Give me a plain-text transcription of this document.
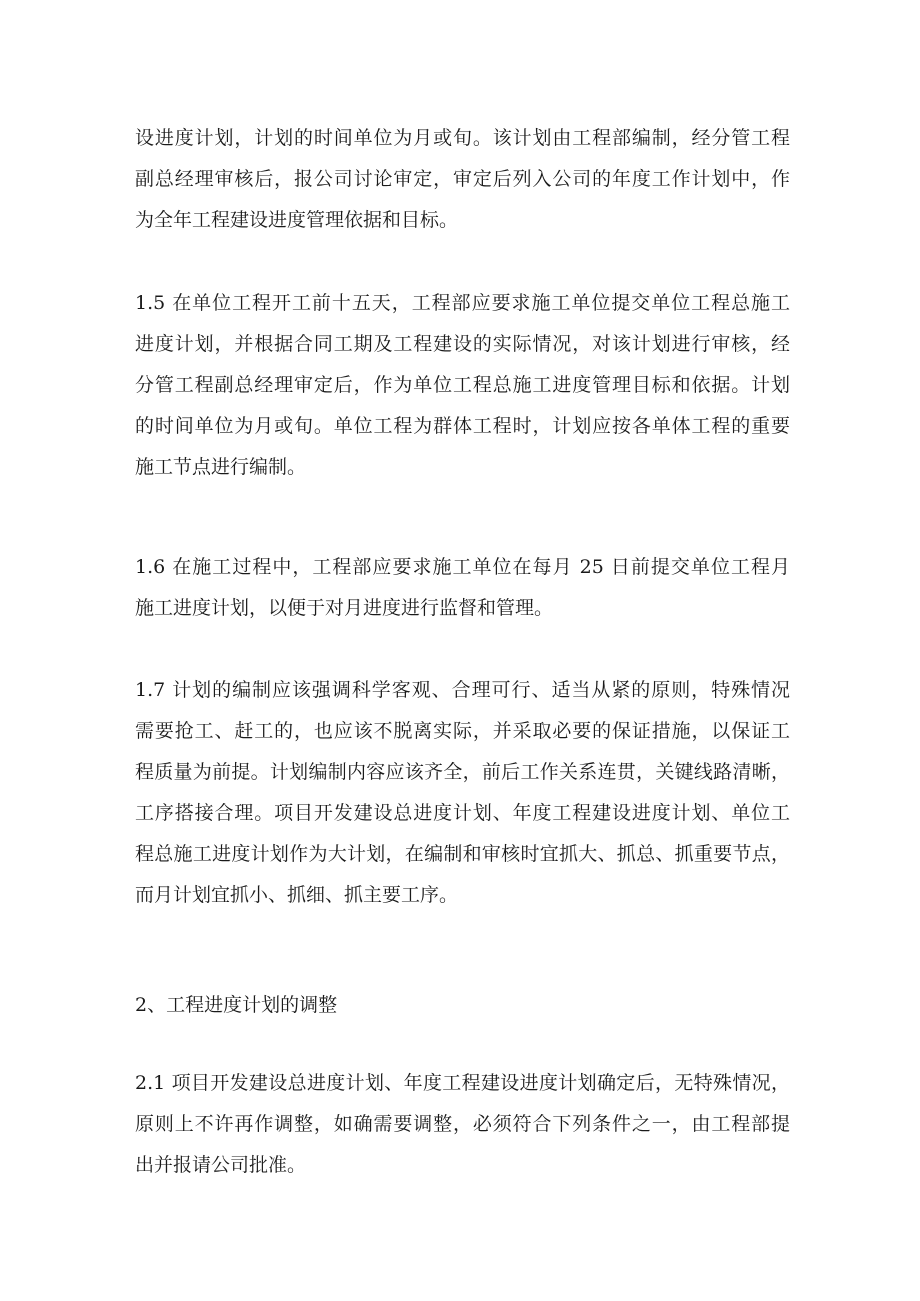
设进度计划，计划的时间单位为月或旬。该计划由工程部编制，经分管工程
副总经理审核后，报公司讨论审定，审定后列入公司的年度工作计划中，作
为全年工程建设进度管理依据和目标。
1.5 在单位工程开工前十五天，工程部应要求施工单位提交单位工程总施工
进度计划，并根据合同工期及工程建设的实际情况，对该计划进行审核，经
分管工程副总经理审定后，作为单位工程总施工进度管理目标和依据。计划
的时间单位为月或旬。单位工程为群体工程时，计划应按各单体工程的重要
施工节点进行编制。
1.6 在施工过程中，工程部应要求施工单位在每月 25 日前提交单位工程月
施工进度计划，以便于对月进度进行监督和管理。
1.7 计划的编制应该强调科学客观、合理可行、适当从紧的原则，特殊情况
需要抢工、赶工的，也应该不脱离实际，并采取必要的保证措施，以保证工
程质量为前提。计划编制内容应该齐全，前后工作关系连贯，关键线路清晰，
工序搭接合理。项目开发建设总进度计划、年度工程建设进度计划、单位工
程总施工进度计划作为大计划，在编制和审核时宜抓大、抓总、抓重要节点，
而月计划宜抓小、抓细、抓主要工序。
2、工程进度计划的调整
2.1 项目开发建设总进度计划、年度工程建设进度计划确定后，无特殊情况，
原则上不许再作调整，如确需要调整，必须符合下列条件之一，由工程部提
出并报请公司批准。
